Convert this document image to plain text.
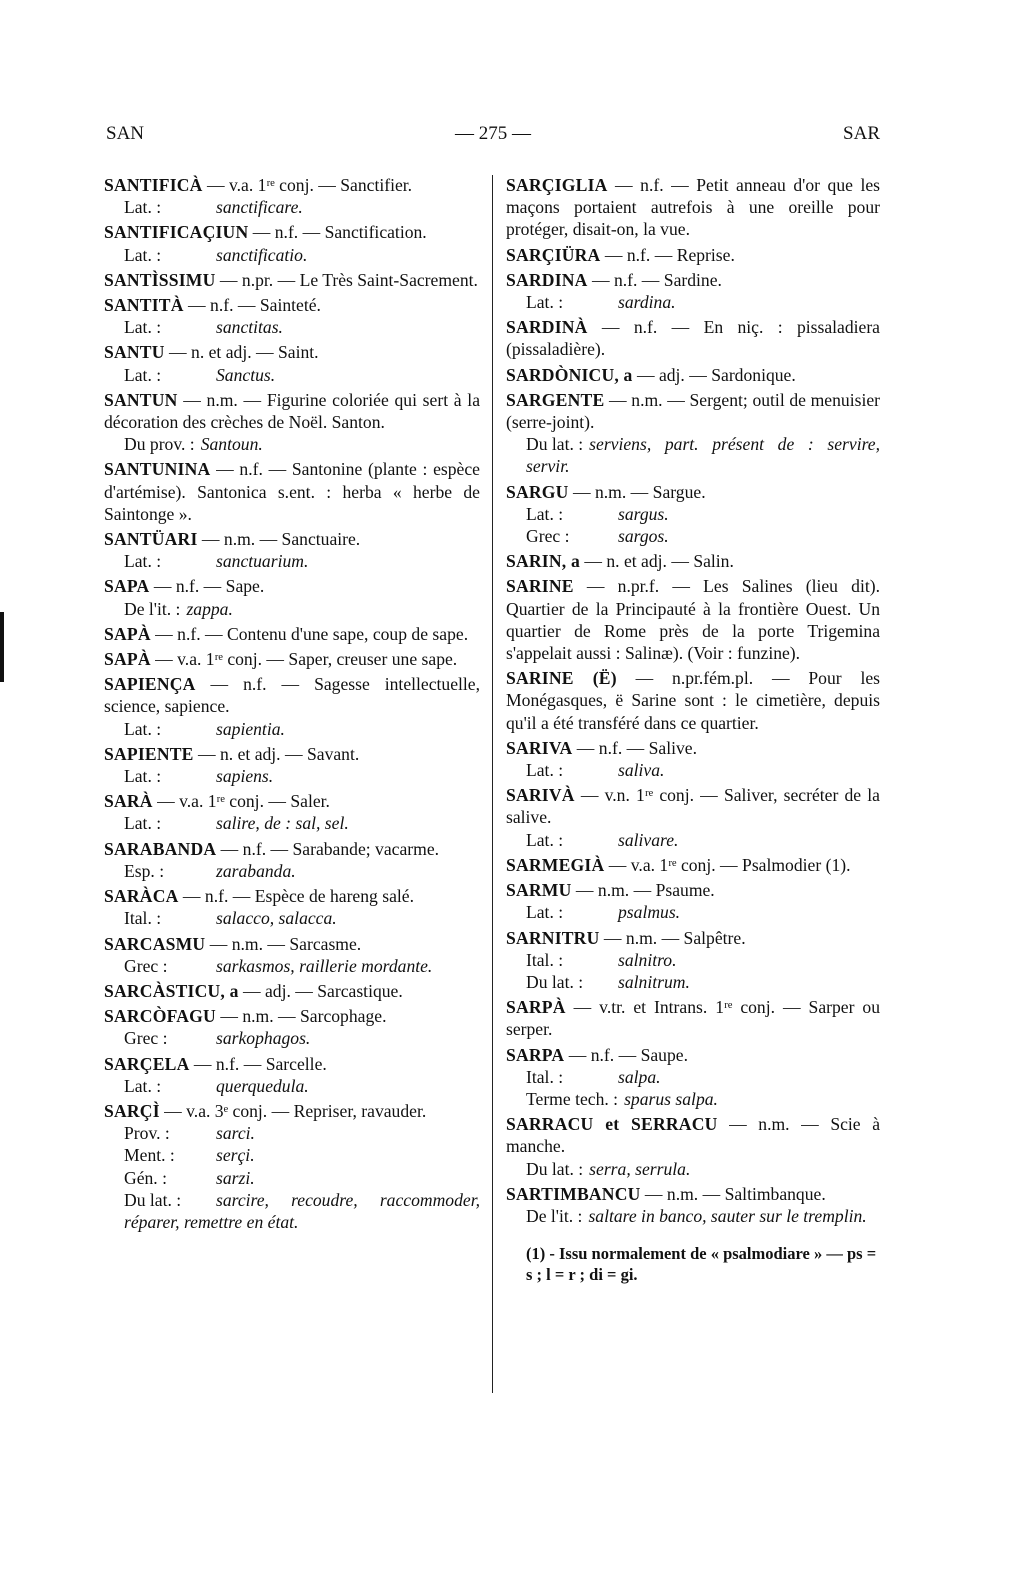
SAN	— 275 —	SAR
SANTIFICÀ — v.a. 1ʳᵉ conj. — Sanctifier.
Lat. :	sanctificare.
SANTIFICAÇIUN — n.f. — Sanctification.
Lat. :	sanctificatio.
SANTÌSSIMU — n.pr. — Le Très Saint-Sacrement.
SANTITÀ — n.f. — Sainteté.
Lat. :	sanctitas.
SANTU — n. et adj. — Saint.
Lat. :	Sanctus.
SANTUN — n.m. — Figurine coloriée qui sert à la décoration des crèches de Noël. Santon.
Du prov. : Santoun.
SANTUNINA — n.f. — Santonine (plante : espèce d'artémise). Santonica s.ent. : herba « herbe de Saintonge ».
SANTÜARI — n.m. — Sanctuaire.
Lat. :	sanctuarium.
SAPA — n.f. — Sape.
De l'it. : zappa.
SAPÀ — n.f. — Contenu d'une sape, coup de sape.
SAPÀ — v.a. 1ʳᵉ conj. — Saper, creuser une sape.
SAPIENÇA — n.f. — Sagesse intellectuelle, science, sapience.
Lat. :	sapientia.
SAPIENTE — n. et adj. — Savant.
Lat. :	sapiens.
SARÀ — v.a. 1ʳᵉ conj. — Saler.
Lat. :	salire, de : sal, sel.
SARABANDA — n.f. — Sarabande; vacarme.
Esp. :	zarabanda.
SARÀCA — n.f. — Espèce de hareng salé.
Ital. :	salacco, salacca.
SARCASMU — n.m. — Sarcasme.
Grec :	sarkasmos, raillerie mordante.
SARCÀSTICU, a — adj. — Sarcastique.
SARCÒFAGU — n.m. — Sarcophage.
Grec :	sarkophagos.
SARÇELA — n.f. — Sarcelle.
Lat. :	querquedula.
SARÇÌ — v.a. 3ᵉ conj. — Repriser, ravauder.
Prov. :	sarci.
Ment. : serçi.
Gén. :	sarzi.
Du lat. : sarcire, recoudre, raccommoder, réparer, remettre en état.
SARÇIGLIA — n.f. — Petit anneau d'or que les maçons portaient autrefois à une oreille pour protéger, disait-on, la vue.
SARÇIÜRA — n.f. — Reprise.
SARDINA — n.f. — Sardine.
Lat. :	sardina.
SARDINÀ — n.f. — En niç. : pissaladiera (pissaladière).
SARDÒNICU, a — adj. — Sardonique.
SARGENTE — n.m. — Sergent; outil de menuisier (serre-joint).
Du lat. : serviens, part. présent de : servire, servir.
SARGU — n.m. — Sargue.
Lat. :	sargus.
Grec :	sargos.
SARIN, a — n. et adj. — Salin.
SARINE — n.pr.f. — Les Salines (lieu dit). Quartier de la Principauté à la frontière Ouest. Un quartier de Rome près de la porte Trigemina s'appelait aussi : Salinæ). (Voir : funzine).
SARINE (Ë) — n.pr.fém.pl. — Pour les Monégasques, ë Sarine sont : le cimetière, depuis qu'il a été transféré dans ce quartier.
SARIVA — n.f. — Salive.
Lat. :	saliva.
SARIVÀ — v.n. 1ʳᵉ conj. — Saliver, secréter de la salive.
Lat. :	salivare.
SARMEGIÀ — v.a. 1ʳᵉ conj. — Psalmodier (1).
SARMU — n.m. — Psaume.
Lat. :	psalmus.
SARNITRU — n.m. — Salpêtre.
Ital. :	salnitro.
Du lat. : salnitrum.
SARPÀ — v.tr. et Intrans. 1ʳᵉ conj. — Sarper ou serper.
SARPA — n.f. — Saupe.
Ital. :	salpa.
Terme tech. : sparus salpa.
SARRACU et SERRACU — n.m. — Scie à manche.
Du lat. : serra, serrula.
SARTIMBANCU — n.m. — Saltimbanque.
De l'it. : saltare in banco, sauter sur le tremplin.
(1) - Issu normalement de « psalmodiare » — ps = s ; l = r ; di = gi.
